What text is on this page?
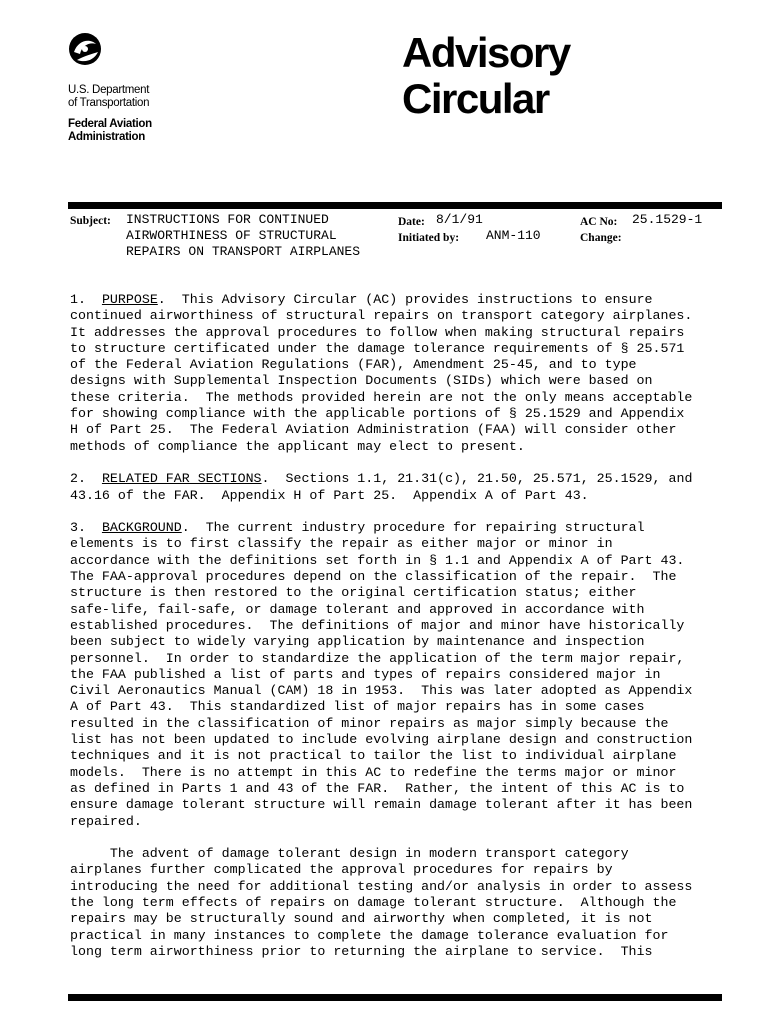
U.S. Department
of Transportation
Federal Aviation
Administration
Advisory
Circular
Subject: INSTRUCTIONS FOR CONTINUED
AIRWORTHINESS OF STRUCTURAL
REPAIRS ON TRANSPORT AIRPLANES
Date: 8/1/91
Initiated by: ANM-110
AC No: 25.1529-1
Change:
1. PURPOSE.  This Advisory Circular (AC) provides instructions to ensure
continued airworthiness of structural repairs on transport category airplanes.
It addresses the approval procedures to follow when making structural repairs
to structure certificated under the damage tolerance requirements of § 25.571
of the Federal Aviation Regulations (FAR), Amendment 25-45, and to type
designs with Supplemental Inspection Documents (SIDs) which were based on
these criteria.  The methods provided herein are not the only means acceptable
for showing compliance with the applicable portions of § 25.1529 and Appendix
H of Part 25.  The Federal Aviation Administration (FAA) will consider other
methods of compliance the applicant may elect to present.
2. RELATED FAR SECTIONS.  Sections 1.1, 21.31(c), 21.50, 25.571, 25.1529, and
43.16 of the FAR.  Appendix H of Part 25.  Appendix A of Part 43.
3. BACKGROUND.  The current industry procedure for repairing structural
elements is to first classify the repair as either major or minor in
accordance with the definitions set forth in § 1.1 and Appendix A of Part 43.
The FAA-approval procedures depend on the classification of the repair.  The
structure is then restored to the original certification status; either
safe-life, fail-safe, or damage tolerant and approved in accordance with
established procedures.  The definitions of major and minor have historically
been subject to widely varying application by maintenance and inspection
personnel.  In order to standardize the application of the term major repair,
the FAA published a list of parts and types of repairs considered major in
Civil Aeronautics Manual (CAM) 18 in 1953.  This was later adopted as Appendix
A of Part 43.  This standardized list of major repairs has in some cases
resulted in the classification of minor repairs as major simply because the
list has not been updated to include evolving airplane design and construction
techniques and it is not practical to tailor the list to individual airplane
models.  There is no attempt in this AC to redefine the terms major or minor
as defined in Parts 1 and 43 of the FAR.  Rather, the intent of this AC is to
ensure damage tolerant structure will remain damage tolerant after it has been
repaired.
The advent of damage tolerant design in modern transport category
airplanes further complicated the approval procedures for repairs by
introducing the need for additional testing and/or analysis in order to assess
the long term effects of repairs on damage tolerant structure.  Although the
repairs may be structurally sound and airworthy when completed, it is not
practical in many instances to complete the damage tolerance evaluation for
long term airworthiness prior to returning the airplane to service.  This
